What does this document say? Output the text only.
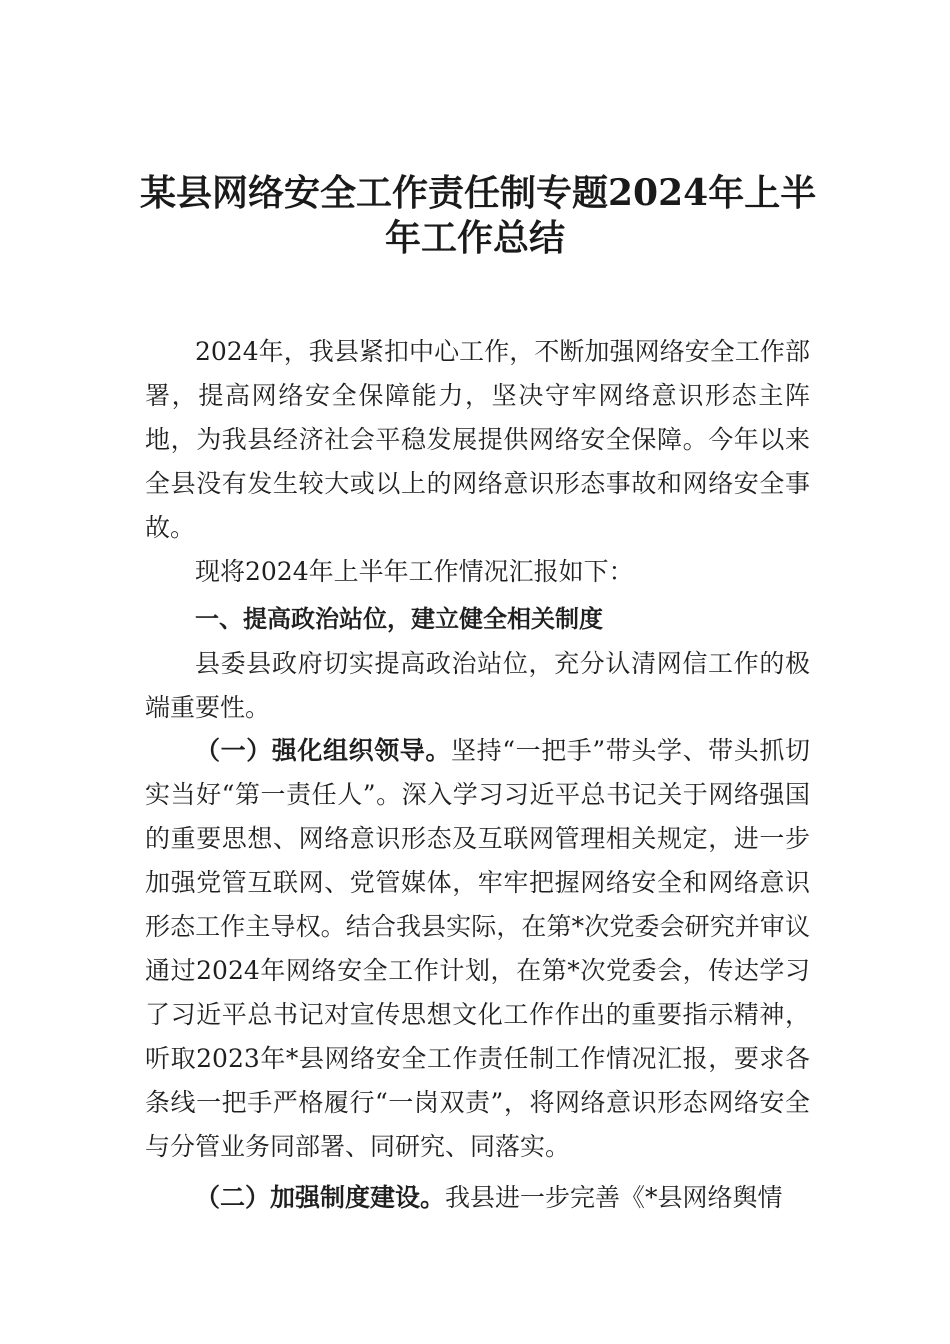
某县网络安全工作责任制专题2024年上半
年工作总结

2024年，我县紧扣中心工作，不断加强网络安全工作部署，提高网络安全保障能力，坚决守牢网络意识形态主阵地，为我县经济社会平稳发展提供网络安全保障。今年以来全县没有发生较大或以上的网络意识形态事故和网络安全事故。

现将2024年上半年工作情况汇报如下：

一、提高政治站位，建立健全相关制度

县委县政府切实提高政治站位，充分认清网信工作的极端重要性。

（一）强化组织领导。坚持“一把手”带头学、带头抓切实当好“第一责任人”。深入学习习近平总书记关于网络强国的重要思想、网络意识形态及互联网管理相关规定，进一步加强党管互联网、党管媒体，牢牢把握网络安全和网络意识形态工作主导权。结合我县实际，在第*次党委会研究并审议通过2024年网络安全工作计划，在第*次党委会，传达学习了习近平总书记对宣传思想文化工作作出的重要指示精神，听取2023年*县网络安全工作责任制工作情况汇报，要求各条线一把手严格履行“一岗双责”，将网络意识形态网络安全与分管业务同部署、同研究、同落实。

（二）加强制度建设。我县进一步完善《*县网络舆情
